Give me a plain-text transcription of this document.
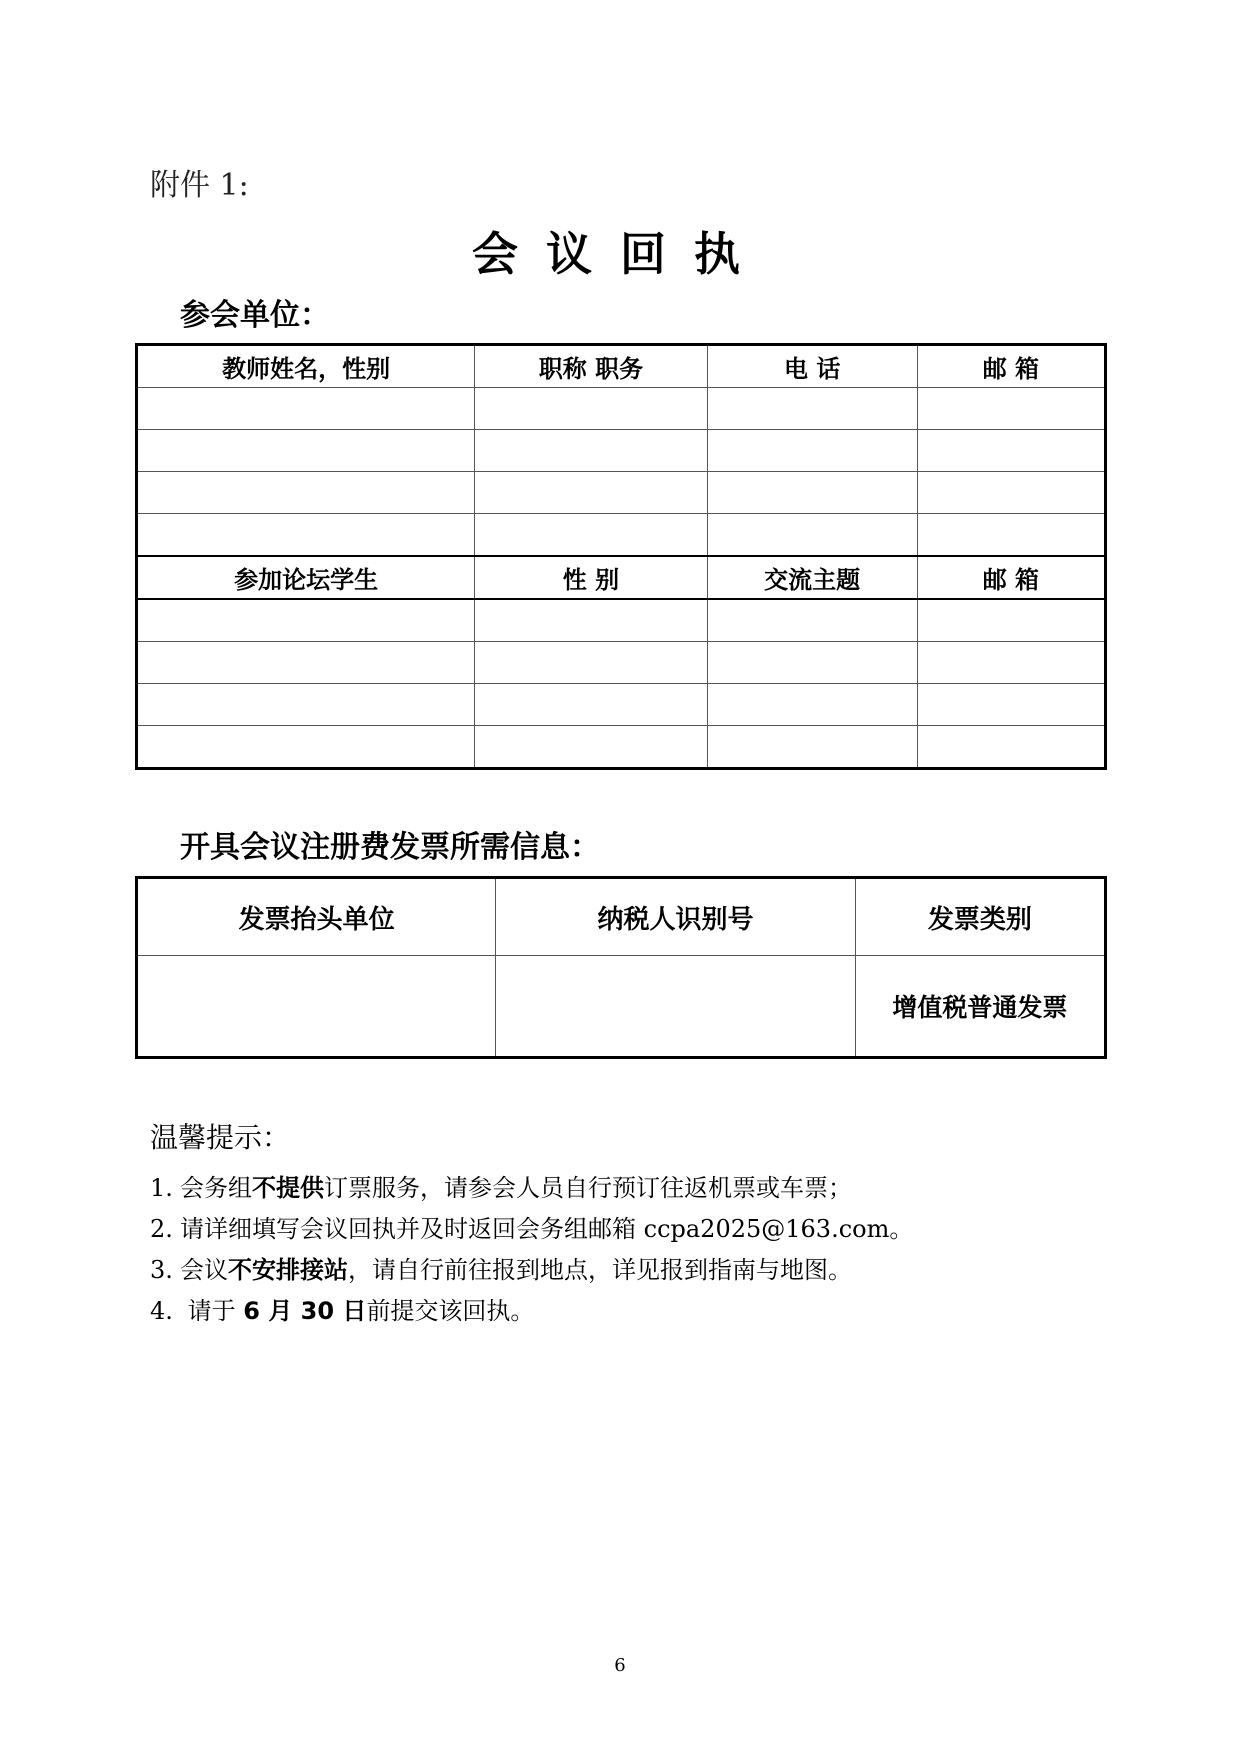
附件 1:
会议回执
参会单位：
教师姓名，性别	职称 职务	电 话	邮 箱

参加论坛学生	性 别	交流主题	邮 箱

开具会议注册费发票所需信息：
发票抬头单位	纳税人识别号	发票类别
		增值税普通发票
温馨提示：
1. 会务组不提供订票服务，请参会人员自行预订往返机票或车票；
2. 请详细填写会议回执并及时返回会务组邮箱 ccpa2025@163.com。
3. 会议不安排接站，请自行前往报到地点，详见报到指南与地图。
4. 请于 6 月 30 日前提交该回执。
6
